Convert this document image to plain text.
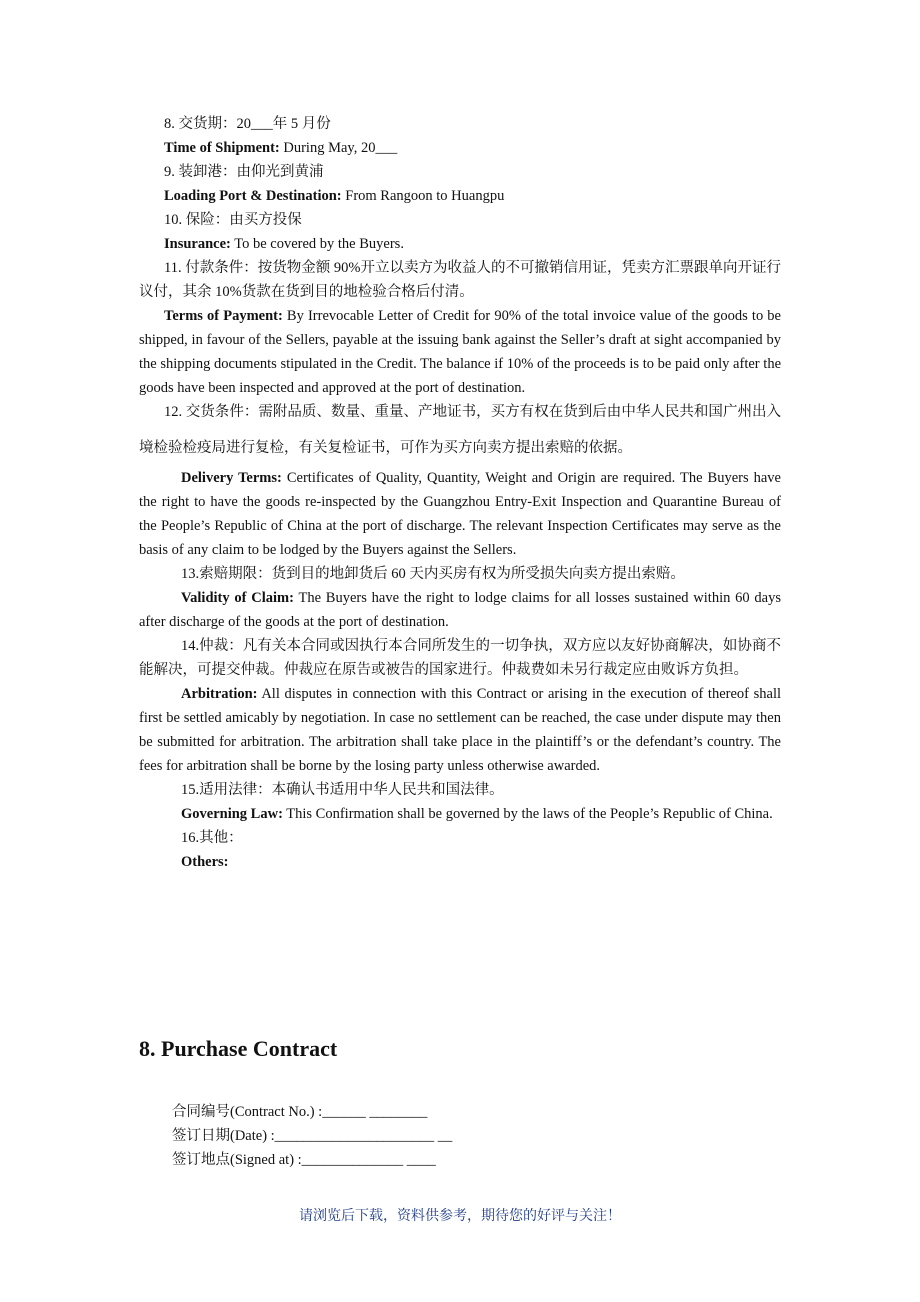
8. 交货期：20___年 5 月份
Time of Shipment: During May, 20___
9. 装卸港：由仰光到黄浦
Loading Port & Destination: From Rangoon to Huangpu
10. 保险：由买方投保
Insurance: To be covered by the Buyers.
11. 付款条件：按货物金额 90%开立以卖方为收益人的不可撤销信用证，凭卖方汇票跟单向开证行议付，其余 10%货款在货到目的地检验合格后付清。
Terms of Payment: By Irrevocable Letter of Credit for 90% of the total invoice value of the goods to be shipped, in favour of the Sellers, payable at the issuing bank against the Seller’s draft at sight accompanied by the shipping documents stipulated in the Credit. The balance if 10% of the proceeds is to be paid only after the goods have been inspected and approved at the port of destination.
12. 交货条件：需附品质、数量、重量、产地证书，买方有权在货到后由中华人民共和国广州出入境检验检疫局进行复检，有关复检证书，可作为买方向卖方提出索赔的依据。
Delivery Terms: Certificates of Quality, Quantity, Weight and Origin are required. The Buyers have the right to have the goods re-inspected by the Guangzhou Entry-Exit Inspection and Quarantine Bureau of the People’s Republic of China at the port of discharge. The relevant Inspection Certificates may serve as the basis of any claim to be lodged by the Buyers against the Sellers.
13.索赔期限：货到目的地卸货后 60 天内买房有权为所受损失向卖方提出索赔。
Validity of Claim: The Buyers have the right to lodge claims for all losses sustained within 60 days after discharge of the goods at the port of destination.
14.仲裁：凡有关本合同或因执行本合同所发生的一切争执，双方应以友好协商解决，如协商不能解决，可提交仲裁。仲裁应在原告或被告的国家进行。仲裁费如未另行裁定应由败诉方负担。
Arbitration: All disputes in connection with this Contract or arising in the execution of thereof shall first be settled amicably by negotiation. In case no settlement can be reached, the case under dispute may then be submitted for arbitration. The arbitration shall take place in the plaintiff’s or the defendant’s country. The fees for arbitration shall be borne by the losing party unless otherwise awarded.
15.适用法律：本确认书适用中华人民共和国法律。
Governing Law: This Confirmation shall be governed by the laws of the People’s Republic of China.
16.其他：
Others:
8. Purchase Contract
合同编号(Contract No.) :______ ________
签订日期(Date) :______________________ __
签订地点(Signed at) :______________ ____
请浏览后下载，资料供参考，期待您的好评与关注！
